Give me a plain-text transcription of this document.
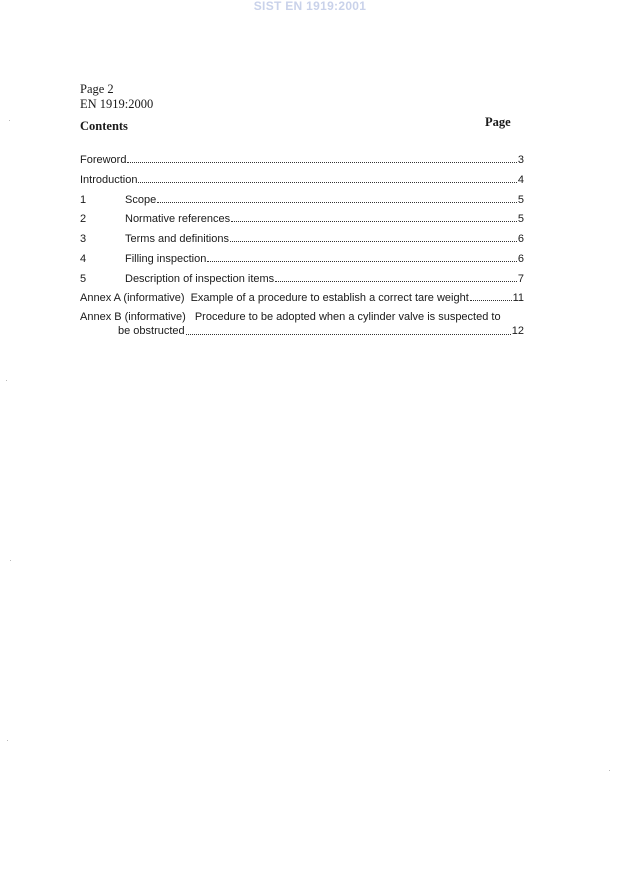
SIST EN 1919:2001
Page 2
EN 1919:2000
Contents	Page
Foreword	3
Introduction	4
1	Scope	5
2	Normative references	5
3	Terms and definitions	6
4	Filling inspection	6
5	Description of inspection items	7
Annex A (informative) Example of a procedure to establish a correct tare weight	11
Annex B (informative) Procedure to be adopted when a cylinder valve is suspected to
be obstructed	12
